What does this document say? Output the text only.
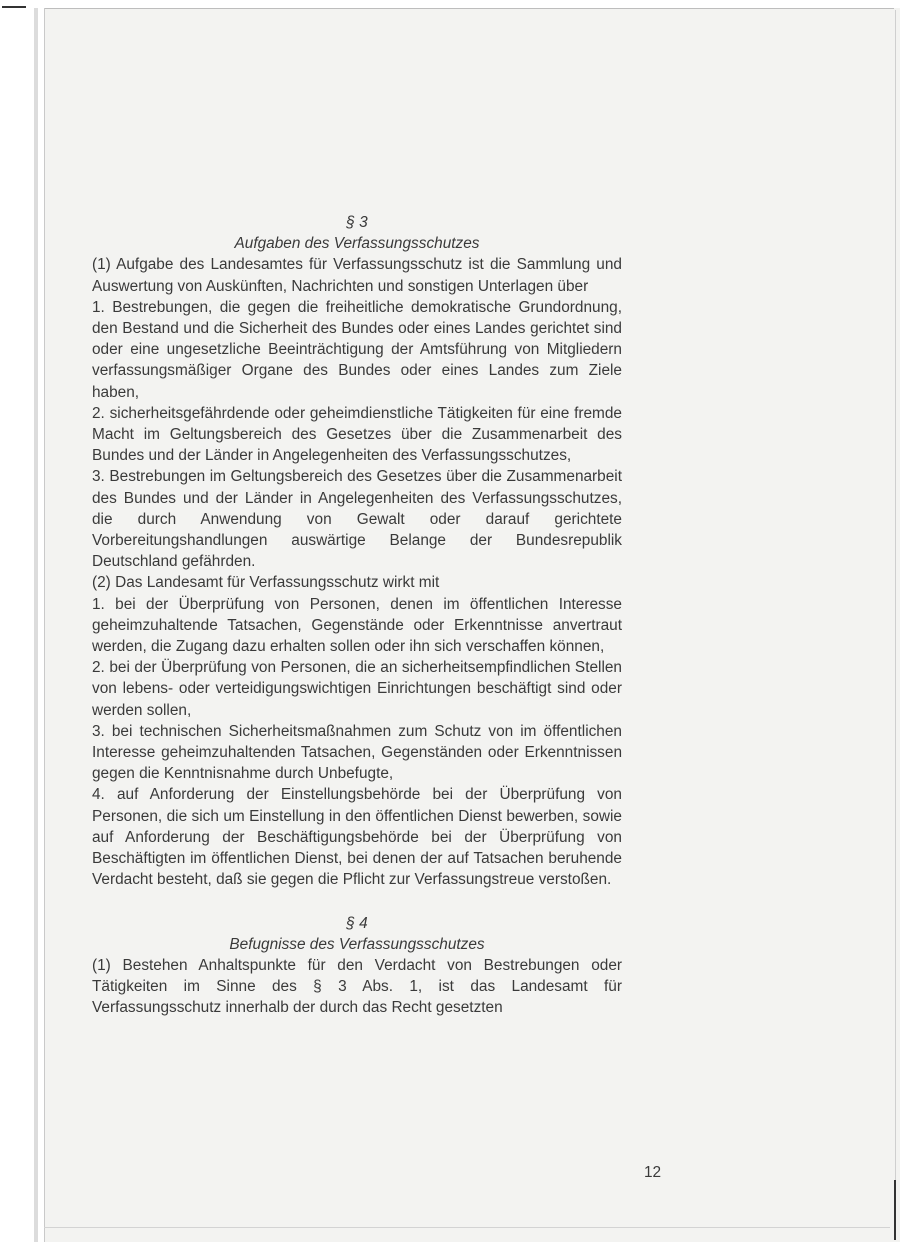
§ 3
Aufgaben des Verfassungsschutzes
(1) Aufgabe des Landesamtes für Verfassungsschutz ist die Sammlung und Auswertung von Auskünften, Nachrichten und sonstigen Unterlagen über
1. Bestrebungen, die gegen die freiheitliche demokratische Grundordnung, den Bestand und die Sicherheit des Bundes oder eines Landes gerichtet sind oder eine ungesetzliche Beeinträchtigung der Amtsführung von Mitgliedern verfassungsmäßiger Organe des Bundes oder eines Landes zum Ziele haben,
2. sicherheitsgefährdende oder geheimdienstliche Tätigkeiten für eine fremde Macht im Geltungsbereich des Gesetzes über die Zusammenarbeit des Bundes und der Länder in Angelegenheiten des Verfassungsschutzes,
3. Bestrebungen im Geltungsbereich des Gesetzes über die Zusammenarbeit des Bundes und der Länder in Angelegenheiten des Verfassungsschutzes, die durch Anwendung von Gewalt oder darauf gerichtete Vorbereitungshandlungen auswärtige Belange der Bundesrepublik Deutschland gefährden.
(2) Das Landesamt für Verfassungsschutz wirkt mit
1. bei der Überprüfung von Personen, denen im öffentlichen Interesse geheimzuhaltende Tatsachen, Gegenstände oder Erkenntnisse anvertraut werden, die Zugang dazu erhalten sollen oder ihn sich verschaffen können,
2. bei der Überprüfung von Personen, die an sicherheitsempfindlichen Stellen von lebens- oder verteidigungswichtigen Einrichtungen beschäftigt sind oder werden sollen,
3. bei technischen Sicherheitsmaßnahmen zum Schutz von im öffentlichen Interesse geheimzuhaltenden Tatsachen, Gegenständen oder Erkenntnissen gegen die Kenntnisnahme durch Unbefugte,
4. auf Anforderung der Einstellungsbehörde bei der Überprüfung von Personen, die sich um Einstellung in den öffentlichen Dienst bewerben, sowie auf Anforderung der Beschäftigungsbehörde bei der Überprüfung von Beschäftigten im öffentlichen Dienst, bei denen der auf Tatsachen beruhende Verdacht besteht, daß sie gegen die Pflicht zur Verfassungstreue verstoßen.
§ 4
Befugnisse des Verfassungsschutzes
(1) Bestehen Anhaltspunkte für den Verdacht von Bestrebungen oder Tätigkeiten im Sinne des § 3 Abs. 1, ist das Landesamt für Verfassungsschutz innerhalb der durch das Recht gesetzten
12
